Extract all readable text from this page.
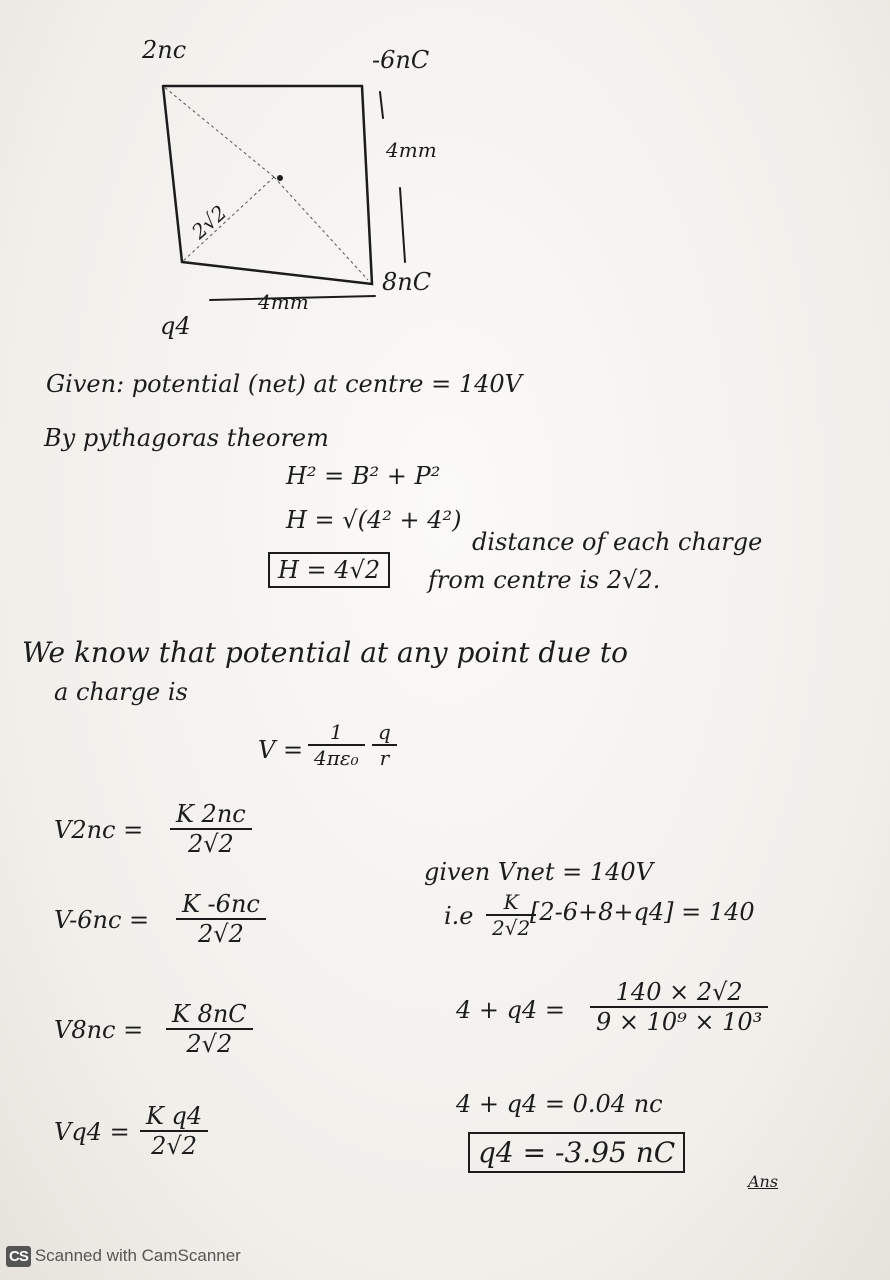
2nc	-6nC
4mm
8nC
q4
4mm
2√2
Given: potential (net) at centre = 140V
By pythagoras theorem
H² = B² + P²
H = √(4² + 4²)
H = 4√2
distance of each charge
from centre is 2√2.
We know that potential at any point due to
a charge is
$V = \frac{1}{\text{4πε₀}} \frac{q}{r}$
$V2nc = \frac{K 2nc}{2√2}$
$V-6nc = \frac{K -6nc}{2√2}$
$V8nc = \frac{K 8nC}{2√2}$
$Vq4 = \frac{\text{K q4}}{2√2}$
given Vnet = 140V
$i.e \frac{K}{2√2}$
[2-6+8+q4] = 140
$4 + q4 = \frac{140 \times 2√2}{\text{9 × 10⁹ × 10³}}$
4 + q4 = 0.04 nc
q4 = -3.95 nC
Ans
CS Scanned with CamScanner
